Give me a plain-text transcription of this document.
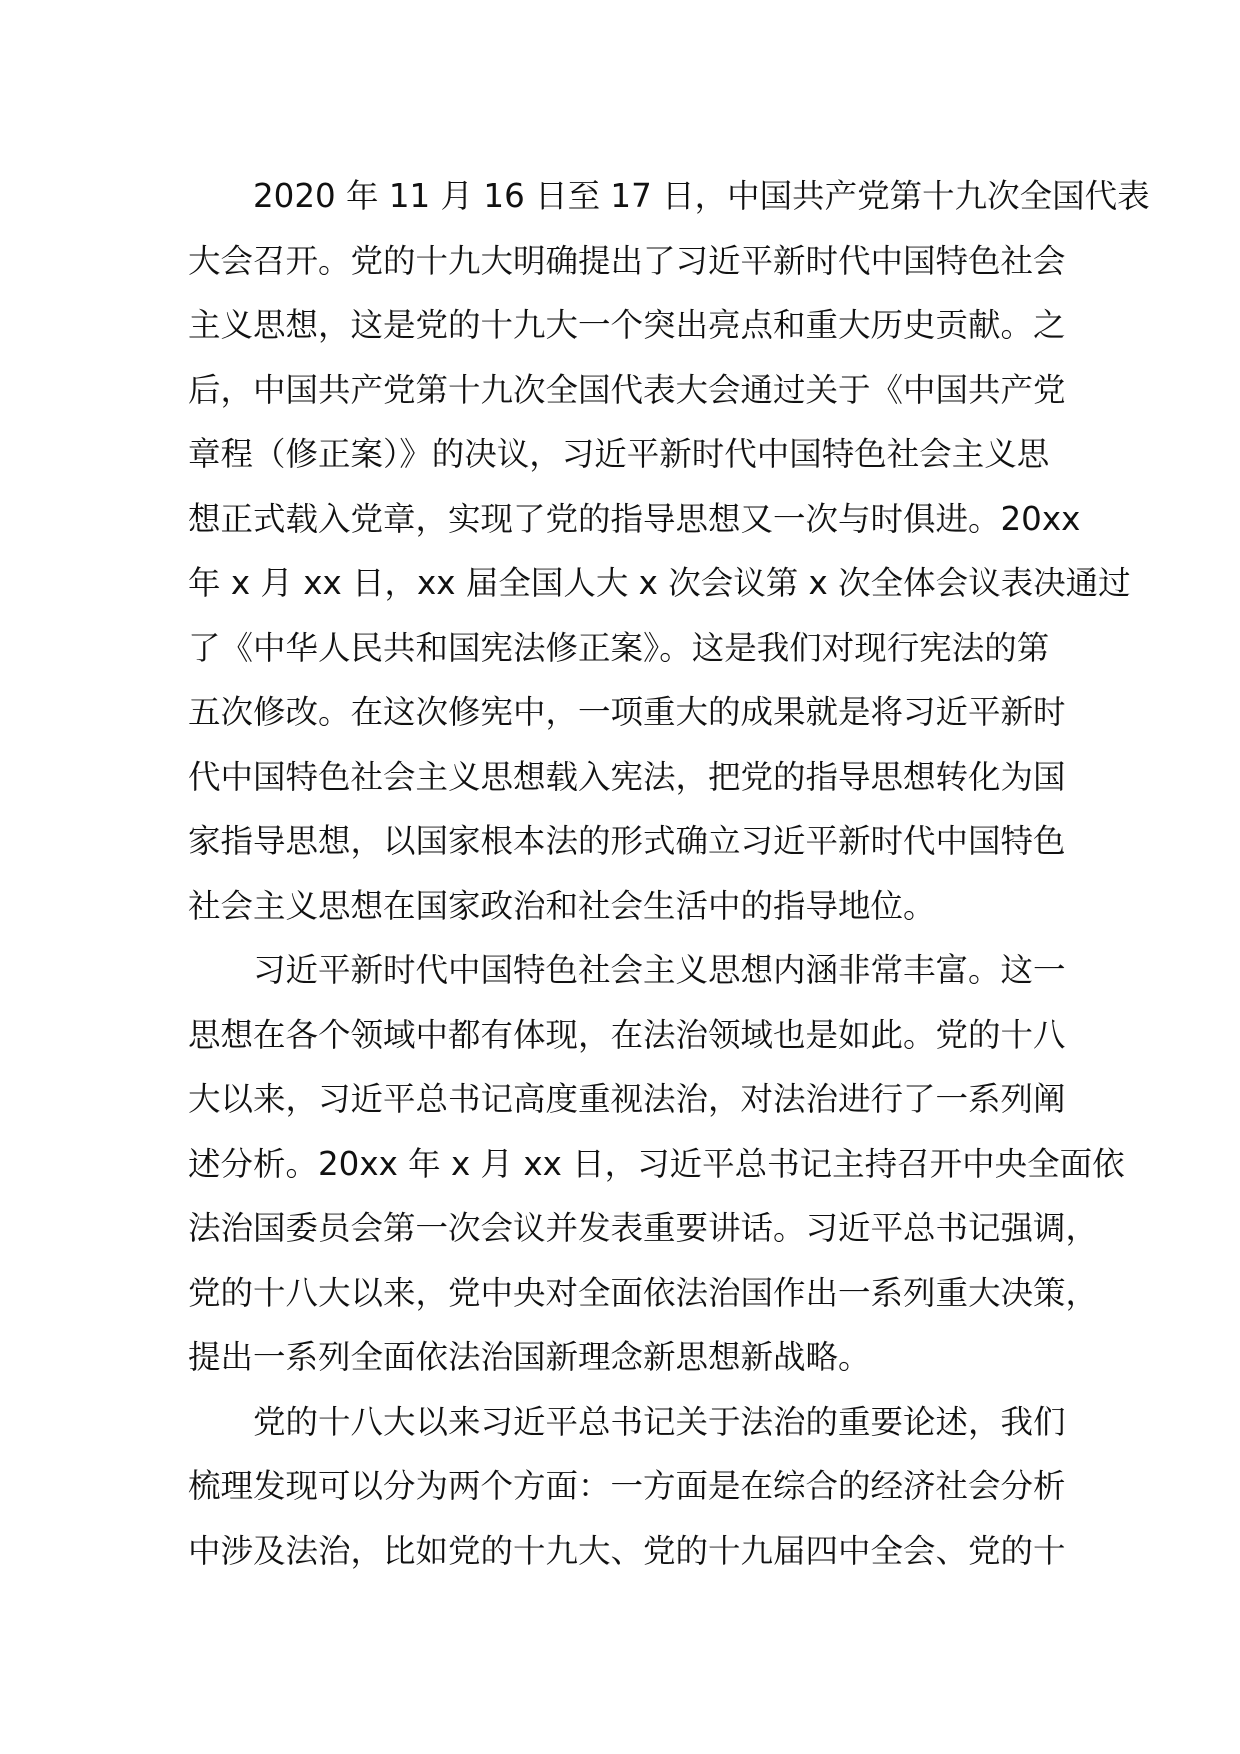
2020 年 11 月 16 日至 17 日，中国共产党第十九次全国代表
大会召开。党的十九大明确提出了习近平新时代中国特色社会
主义思想，这是党的十九大一个突出亮点和重大历史贡献。之
后，中国共产党第十九次全国代表大会通过关于《中国共产党
章程（修正案）》的决议，习近平新时代中国特色社会主义思
想正式载入党章，实现了党的指导思想又一次与时俱进。20xx
年 x 月 xx 日，xx 届全国人大 x 次会议第 x 次全体会议表决通过
了《中华人民共和国宪法修正案》。这是我们对现行宪法的第
五次修改。在这次修宪中，一项重大的成果就是将习近平新时
代中国特色社会主义思想载入宪法，把党的指导思想转化为国
家指导思想，以国家根本法的形式确立习近平新时代中国特色
社会主义思想在国家政治和社会生活中的指导地位。
习近平新时代中国特色社会主义思想内涵非常丰富。这一
思想在各个领域中都有体现，在法治领域也是如此。党的十八
大以来，习近平总书记高度重视法治，对法治进行了一系列阐
述分析。20xx 年 x 月 xx 日，习近平总书记主持召开中央全面依
法治国委员会第一次会议并发表重要讲话。习近平总书记强调，
党的十八大以来，党中央对全面依法治国作出一系列重大决策，
提出一系列全面依法治国新理念新思想新战略。
党的十八大以来习近平总书记关于法治的重要论述，我们
梳理发现可以分为两个方面：一方面是在综合的经济社会分析
中涉及法治，比如党的十九大、党的十九届四中全会、党的十
